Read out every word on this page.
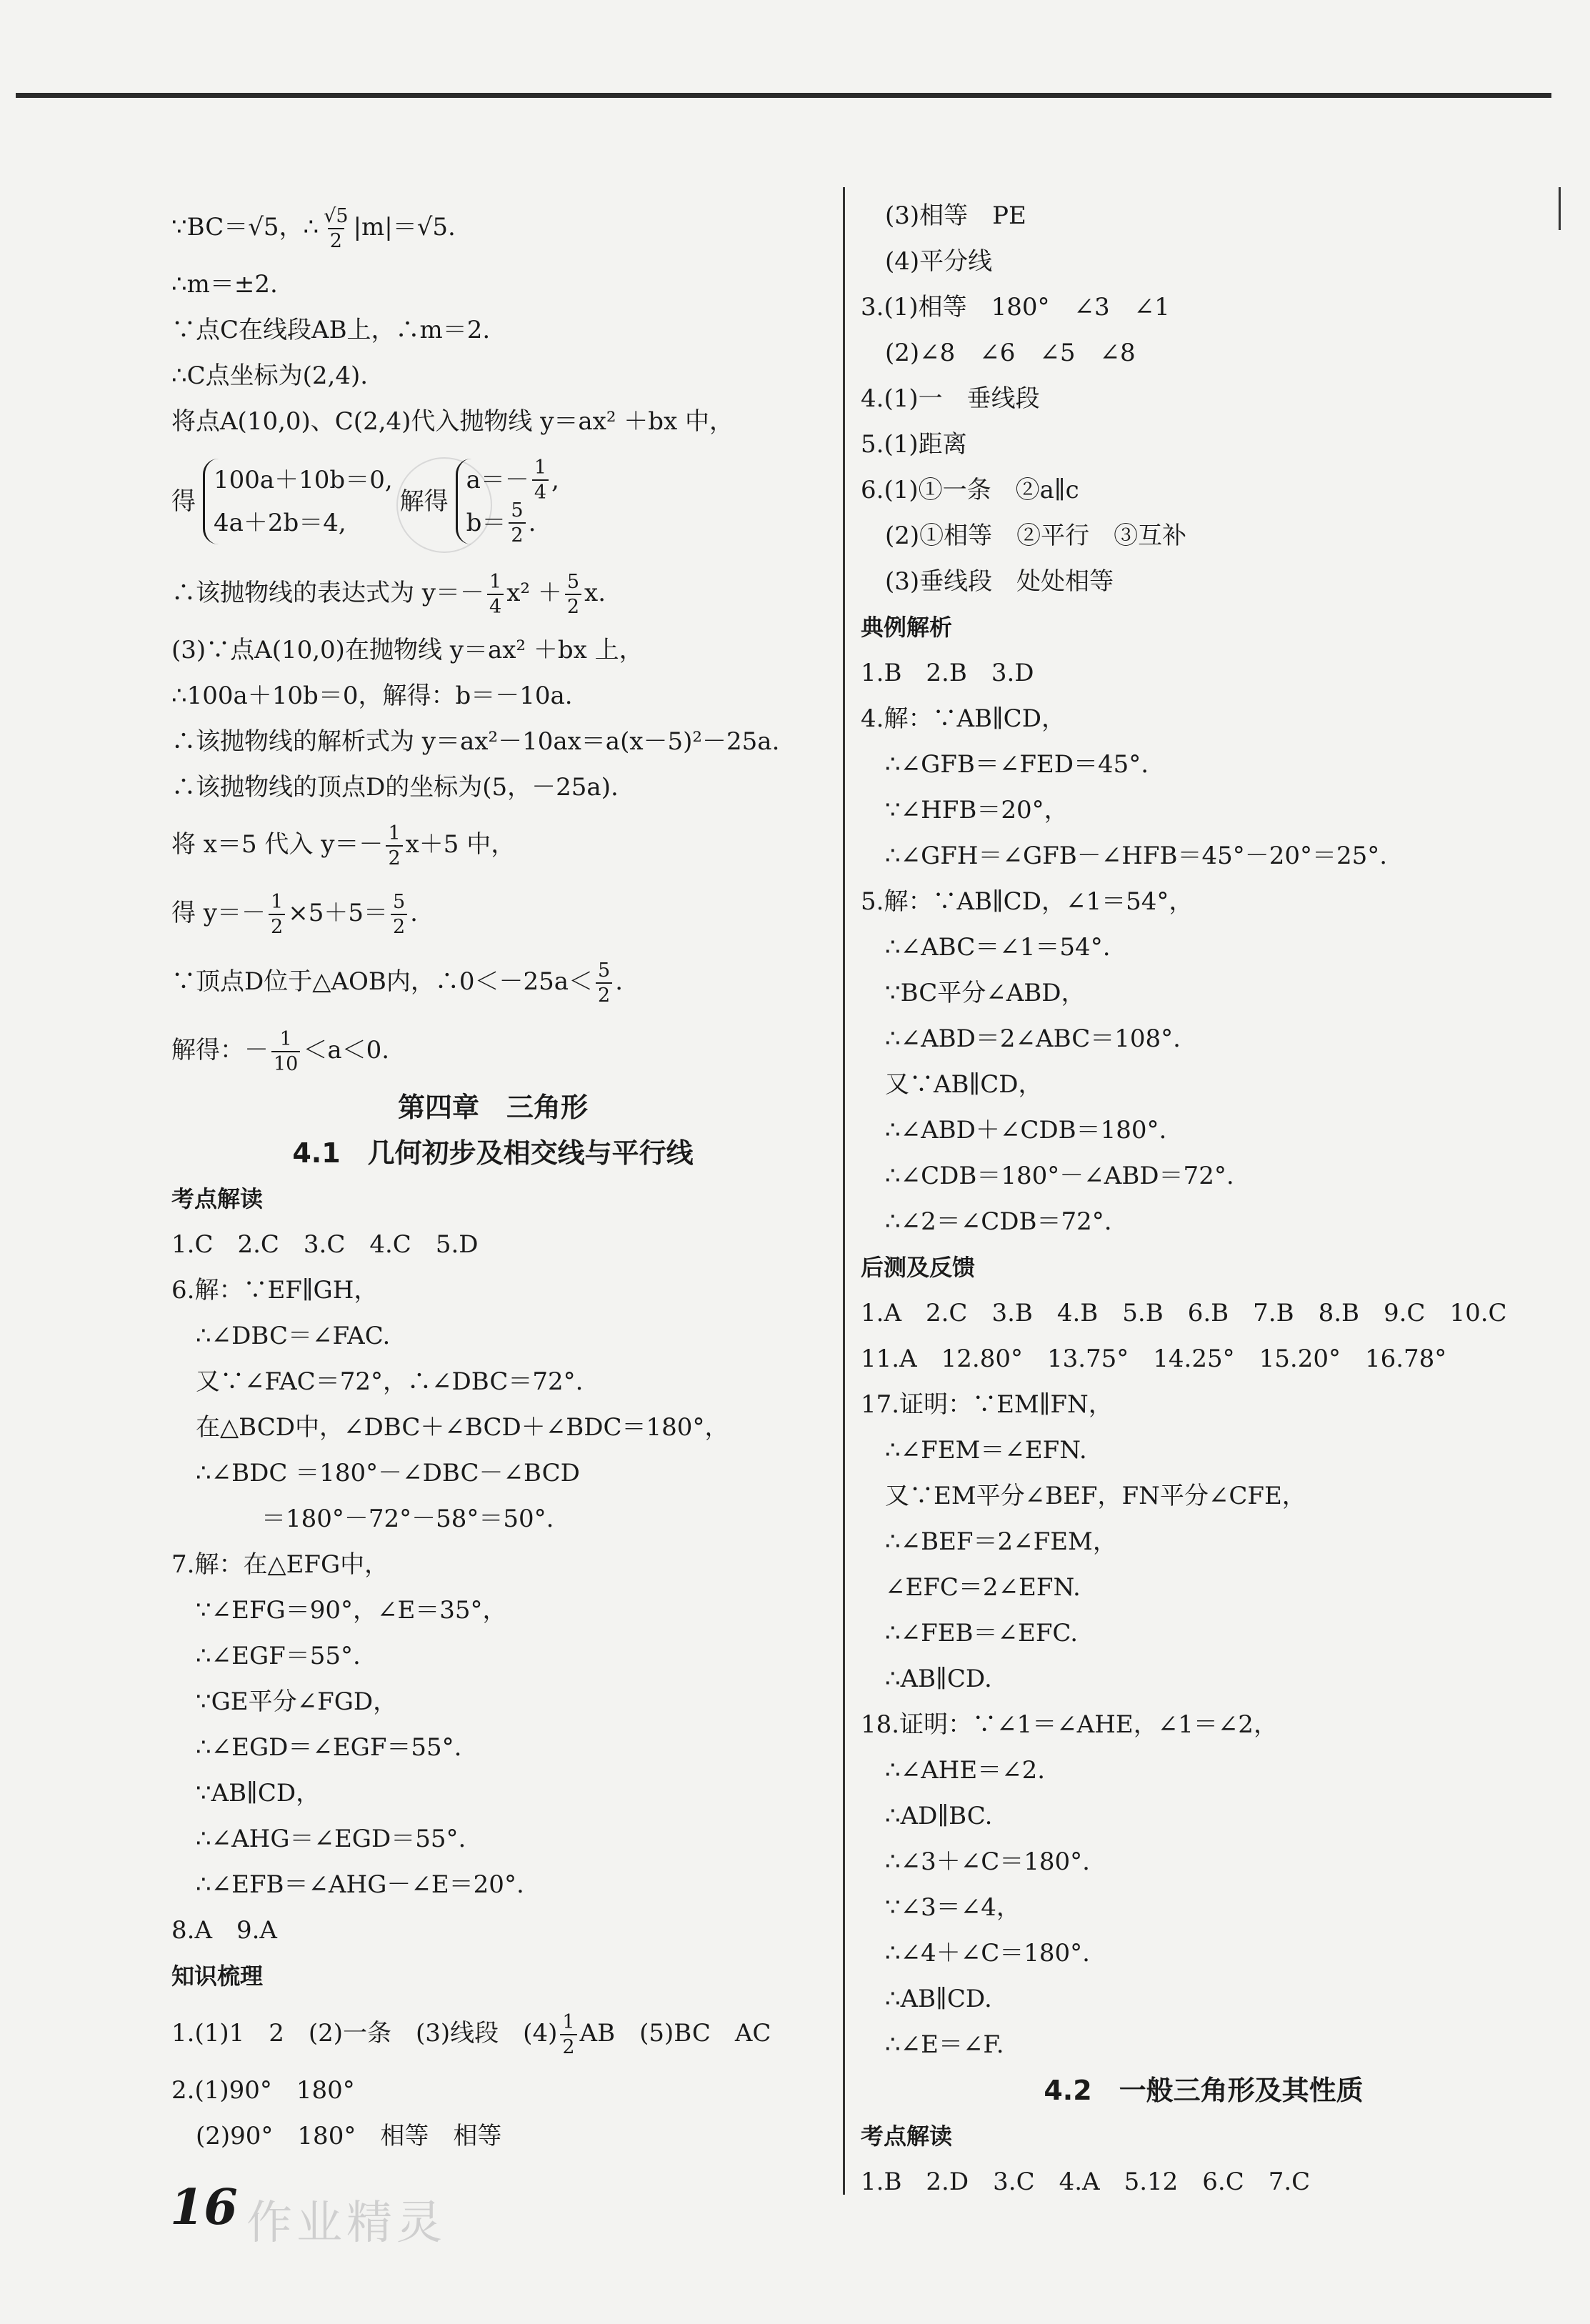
∵BC＝√5，∴ $\frac{√5}{2} |m|=√5$.
∴m＝±2.
∵点C在线段AB上，∴m＝2.
∴C点坐标为(2,4).
将点A(10,0)、C(2,4)代入抛物线 y＝ax² ＋bx 中，
得
100a＋10b＝0,
4a＋2b＝4,
解得
$a=- \frac{1}{4}$ ,
$b= \frac{5}{2}$ .
∴该抛物线的表达式为 $y=- \frac{1}{4} x^2 + \frac{5}{2} x$.
(3)∵点A(10,0)在抛物线 y＝ax² ＋bx 上，
∴100a＋10b＝0，解得：b＝－10a.
∴该抛物线的解析式为 y＝ax²－10ax＝a(x－5)²－25a.
∴该抛物线的顶点D的坐标为(5，－25a).
将 x＝5 代入 $y=- \frac{1}{2} x+5$ 中，
得 $y=- \frac{1}{2} \times 5+5= \frac{5}{2}$ .
∵顶点D位于△AOB内，∴0＜－25a＜ $\frac{5}{2}$ .
解得：－ $\frac{1}{10} <a<0$.
第四章　三角形
4.1　几何初步及相交线与平行线
考点解读
1.C　2.C　3.C　4.C　5.D
6.解：∵EF∥GH，
∴∠DBC＝∠FAC.
又∵∠FAC＝72°，∴∠DBC＝72°.
在△BCD中，∠DBC＋∠BCD＋∠BDC＝180°，
∴∠BDC ＝180°－∠DBC－∠BCD
＝180°－72°－58°＝50°.
7.解：在△EFG中，
∵∠EFG＝90°，∠E＝35°，
∴∠EGF＝55°.
∵GE平分∠FGD，
∴∠EGD＝∠EGF＝55°.
∵AB∥CD，
∴∠AHG＝∠EGD＝55°.
∴∠EFB＝∠AHG－∠E＝20°.
8.A　9.A
知识梳理
1.(1)1　2　(2)一条　(3)线段　$(4) \frac{1}{2}$ AB　(5)BC　AC
2.(1)90°　180°
(2)90°　180°　相等　相等
(3)相等　PE
(4)平分线
3.(1)相等　180°　∠3　∠1
(2)∠8　∠6　∠5　∠8
4.(1)一　垂线段
5.(1)距离
6.(1)①一条　②a∥c
(2)①相等　②平行　③互补
(3)垂线段　处处相等
典例解析
1.B　2.B　3.D
4.解：∵AB∥CD，
∴∠GFB＝∠FED＝45°.
∵∠HFB＝20°，
∴∠GFH＝∠GFB－∠HFB＝45°－20°＝25°.
5.解：∵AB∥CD，∠1＝54°，
∴∠ABC＝∠1＝54°.
∵BC平分∠ABD，
∴∠ABD＝2∠ABC＝108°.
又∵AB∥CD，
∴∠ABD＋∠CDB＝180°.
∴∠CDB＝180°－∠ABD＝72°.
∴∠2＝∠CDB＝72°.
后测及反馈
1.A　2.C　3.B　4.B　5.B　6.B　7.B　8.B　9.C　10.C
11.A　12.80°　13.75°　14.25°　15.20°　16.78°
17.证明：∵EM∥FN，
∴∠FEM＝∠EFN.
又∵EM平分∠BEF，FN平分∠CFE，
∴∠BEF＝2∠FEM，
∠EFC＝2∠EFN.
∴∠FEB＝∠EFC.
∴AB∥CD.
18.证明：∵∠1＝∠AHE，∠1＝∠2，
∴∠AHE＝∠2.
∴AD∥BC.
∴∠3＋∠C＝180°.
∵∠3＝∠4，
∴∠4＋∠C＝180°.
∴AB∥CD.
∴∠E＝∠F.
4.2　一般三角形及其性质
考点解读
1.B　2.D　3.C　4.A　5.12　6.C　7.C
16 作业精灵
